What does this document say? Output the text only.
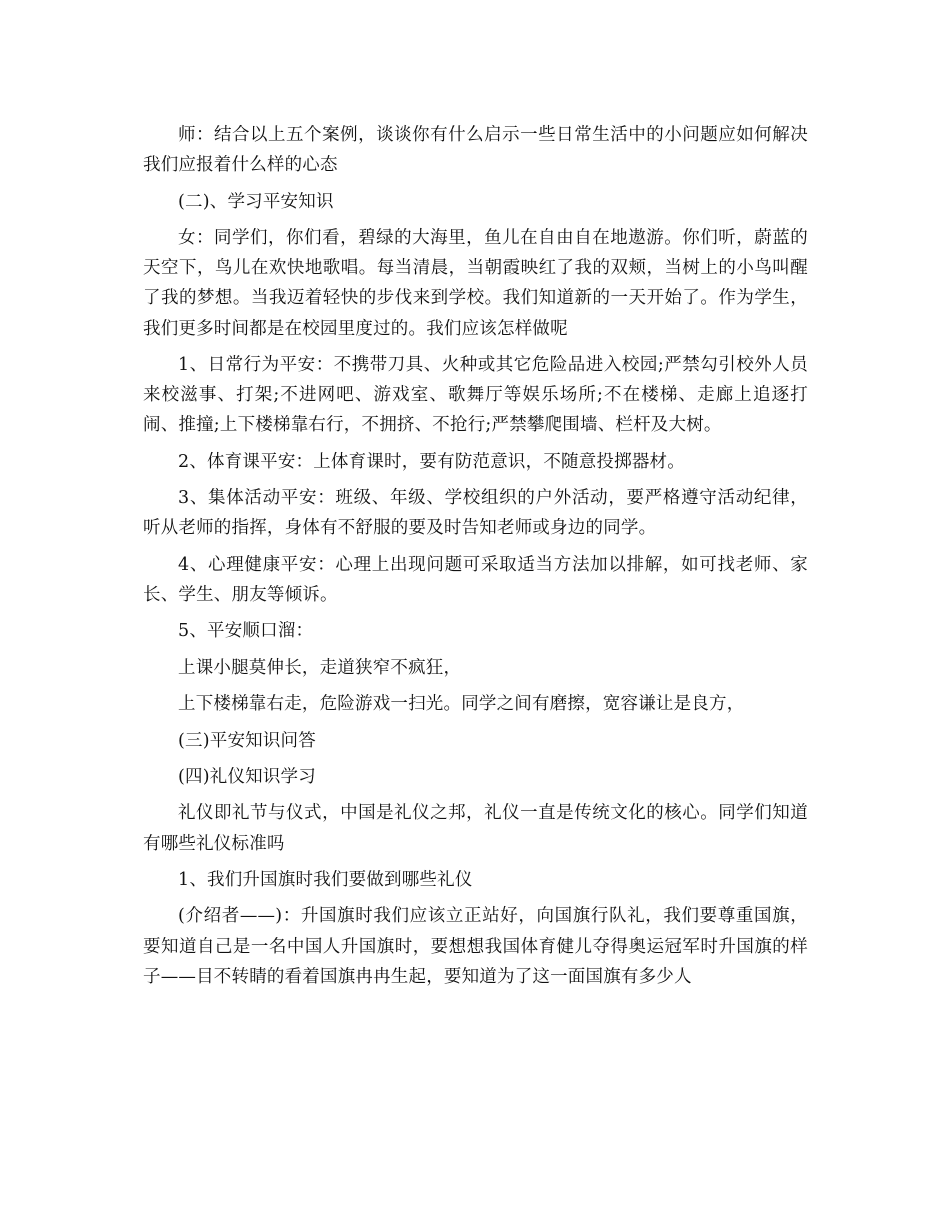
师：结合以上五个案例，谈谈你有什么启示一些日常生活中的小问题应如何解决我们应报着什么样的心态

(二)、学习平安知识

女：同学们，你们看，碧绿的大海里，鱼儿在自由自在地遨游。你们听，蔚蓝的天空下，鸟儿在欢快地歌唱。每当清晨，当朝霞映红了我的双颊，当树上的小鸟叫醒了我的梦想。当我迈着轻快的步伐来到学校。我们知道新的一天开始了。作为学生，我们更多时间都是在校园里度过的。我们应该怎样做呢

1、日常行为平安：不携带刀具、火种或其它危险品进入校园;严禁勾引校外人员来校滋事、打架;不进网吧、游戏室、歌舞厅等娱乐场所;不在楼梯、走廊上追逐打闹、推撞;上下楼梯靠右行，不拥挤、不抢行;严禁攀爬围墙、栏杆及大树。

2、体育课平安：上体育课时，要有防范意识，不随意投掷器材。

3、集体活动平安：班级、年级、学校组织的户外活动，要严格遵守活动纪律，听从老师的指挥，身体有不舒服的要及时告知老师或身边的同学。

4、心理健康平安：心理上出现问题可采取适当方法加以排解，如可找老师、家长、学生、朋友等倾诉。

5、平安顺口溜：

上课小腿莫伸长，走道狭窄不疯狂，

上下楼梯靠右走，危险游戏一扫光。同学之间有磨擦，宽容谦让是良方，

(三)平安知识问答

(四)礼仪知识学习

礼仪即礼节与仪式，中国是礼仪之邦，礼仪一直是传统文化的核心。同学们知道有哪些礼仪标准吗

1、我们升国旗时我们要做到哪些礼仪

(介绍者——)：升国旗时我们应该立正站好，向国旗行队礼，我们要尊重国旗，要知道自己是一名中国人升国旗时，要想想我国体育健儿夺得奥运冠军时升国旗的样子——目不转睛的看着国旗冉冉生起，要知道为了这一面国旗有多少人
